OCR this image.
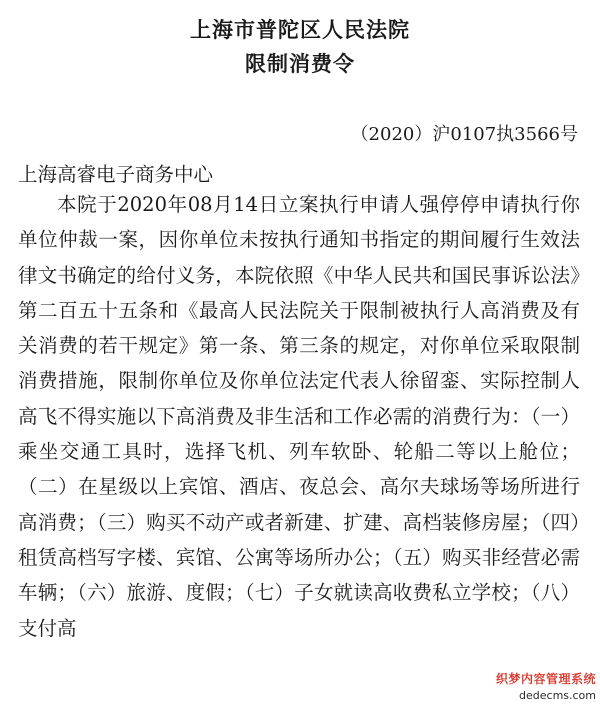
上海市普陀区人民法院
限制消费令
（2020）沪0107执3566号
上海高睿电子商务中心

本院于2020年08月14日立案执行申请人强停停申请执行你单位仲裁一案，因你单位未按执行通知书指定的期间履行生效法律文书确定的给付义务，本院依照《中华人民共和国民事诉讼法》第二百五十五条和《最高人民法院关于限制被执行人高消费及有关消费的若干规定》第一条、第三条的规定，对你单位采取限制消费措施，限制你单位及你单位法定代表人徐留銮、实际控制人高飞不得实施以下高消费及非生活和工作必需的消费行为：（一）乘坐交通工具时，选择飞机、列车软卧、轮船二等以上舱位；（二）在星级以上宾馆、酒店、夜总会、高尔夫球场等场所进行高消费；（三）购买不动产或者新建、扩建、高档装修房屋；（四）租赁高档写字楼、宾馆、公寓等场所办公；（五）购买非经营必需车辆；（六）旅游、度假；（七）子女就读高收费私立学校；（八）支付高

织梦内容管理系统
dedecms.com
